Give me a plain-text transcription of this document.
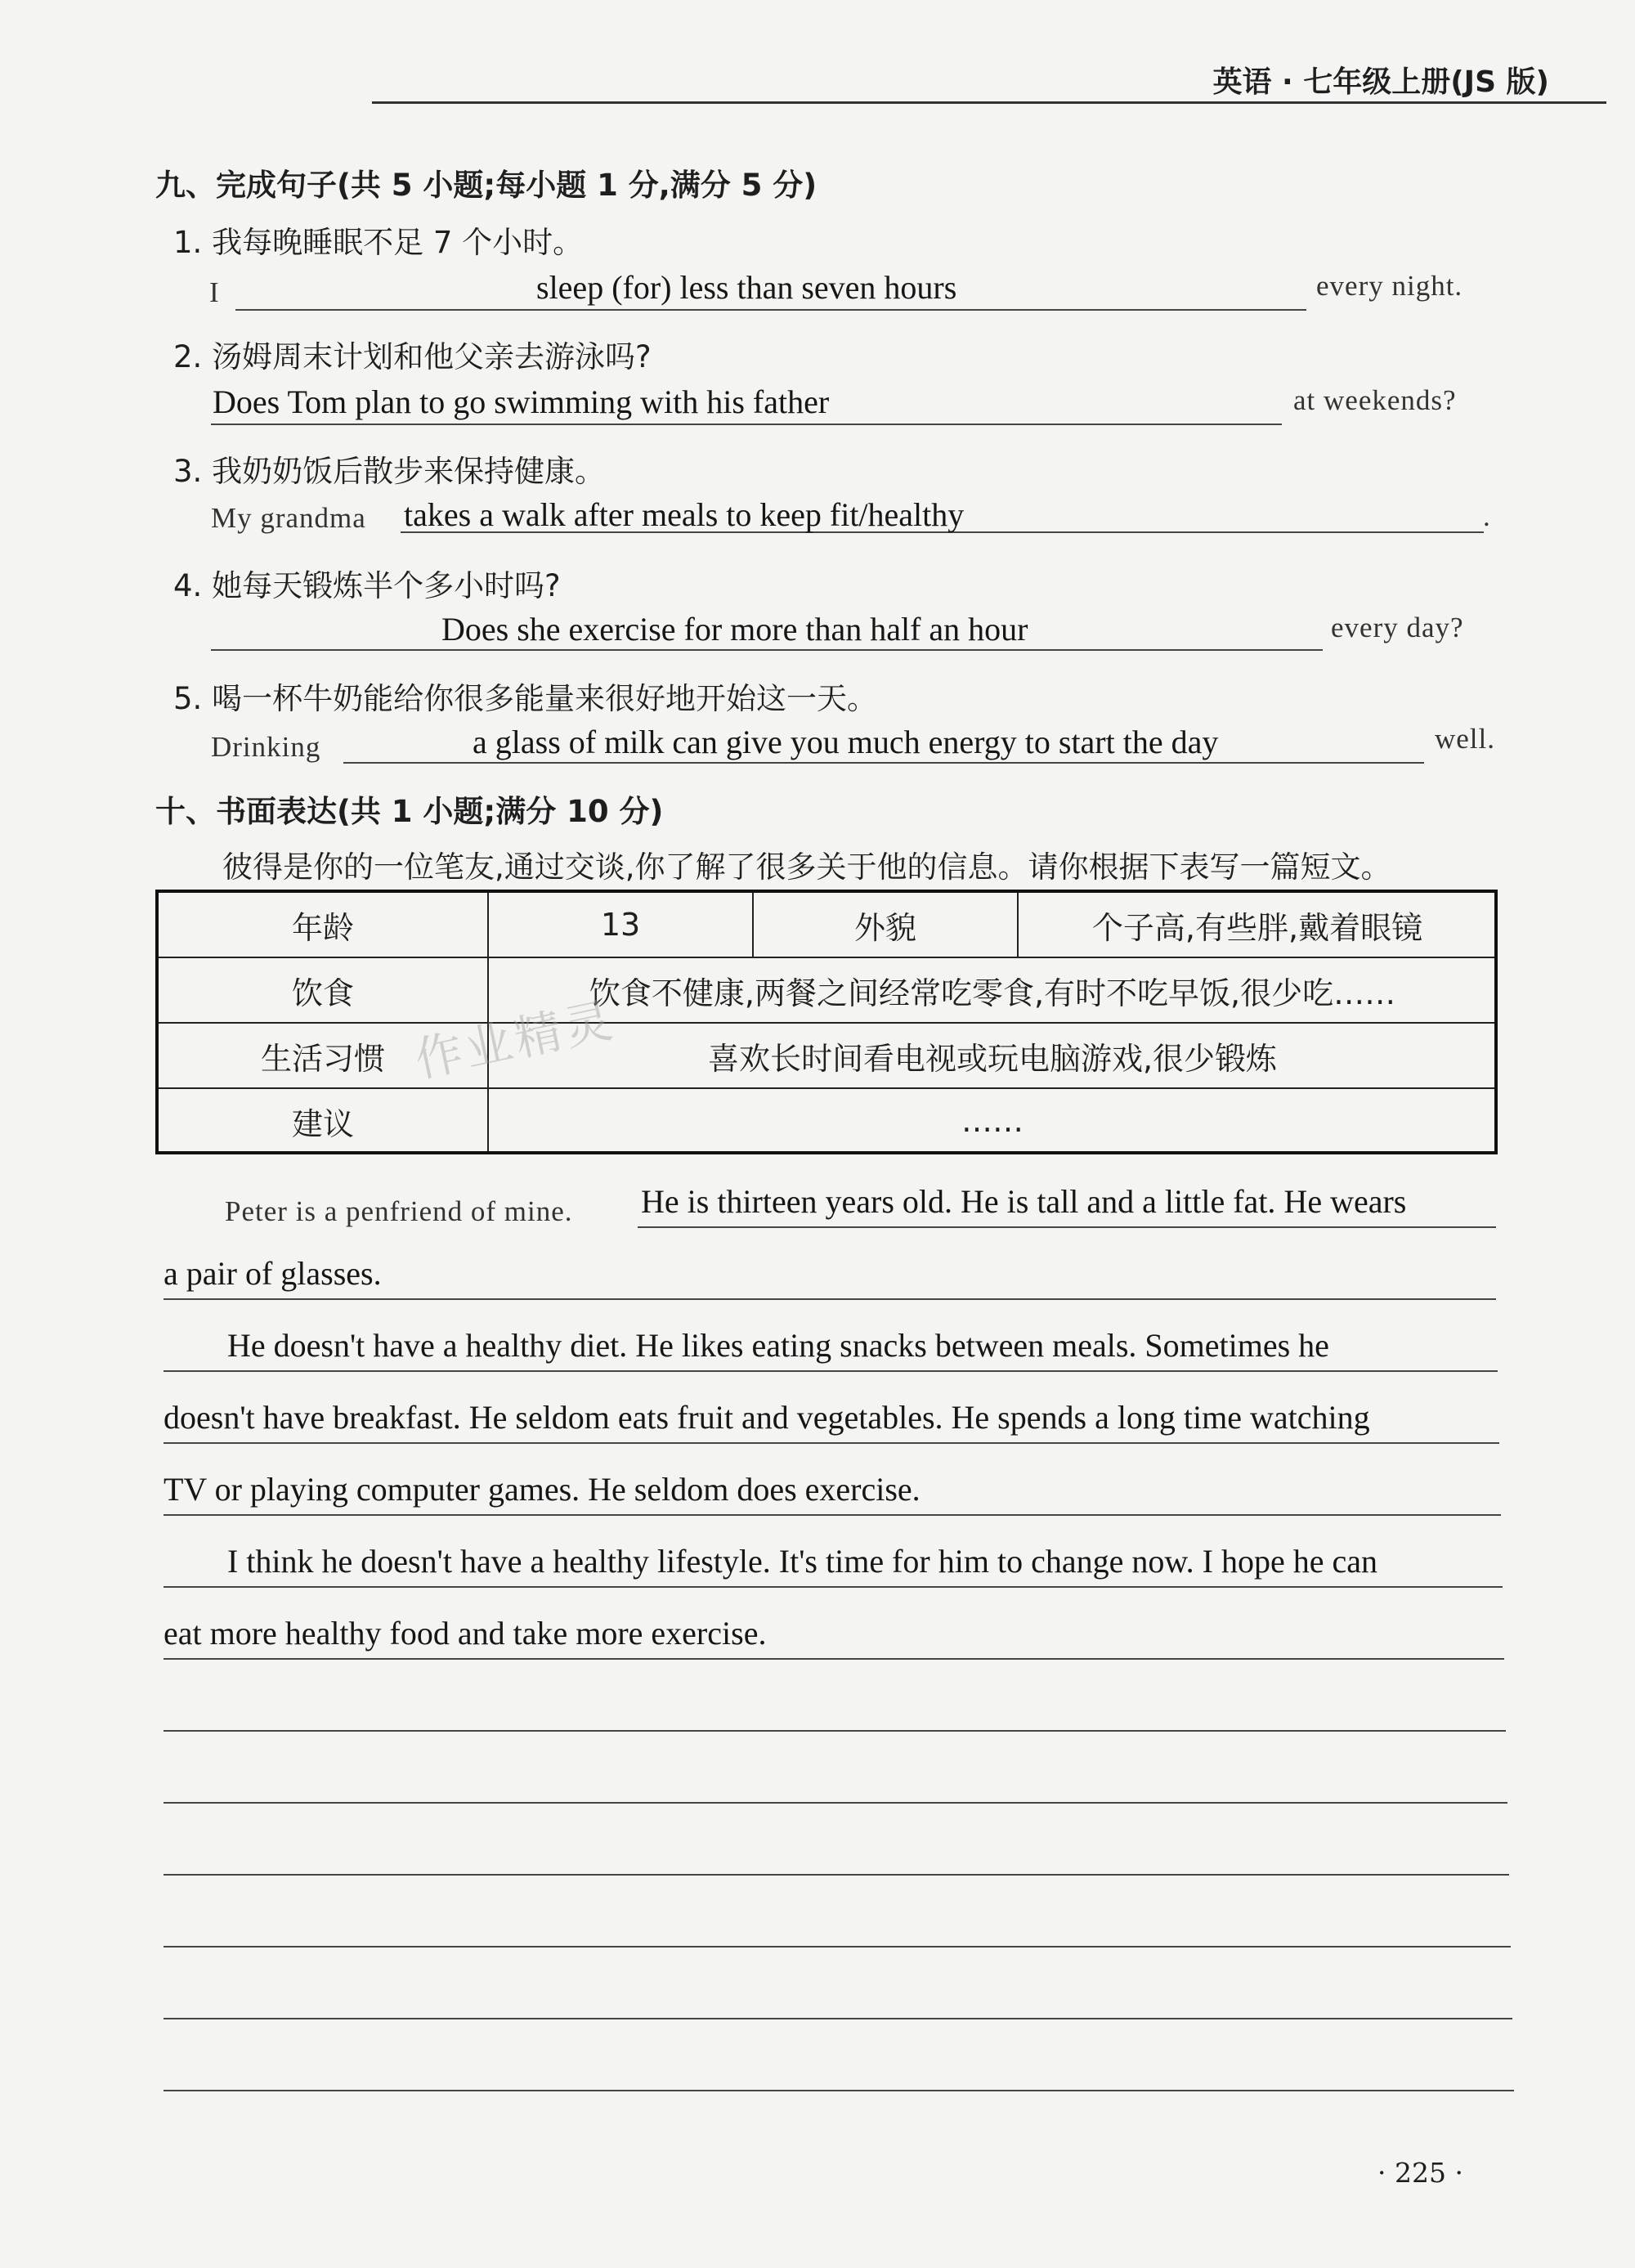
英语 · 七年级上册(JS 版)
九、完成句子(共 5 小题;每小题 1 分,满分 5 分)
1. 我每晚睡眠不足 7 个小时。
I	sleep (for) less than seven hours	every night.
2. 汤姆周末计划和他父亲去游泳吗?
Does Tom plan to go swimming with his father	at weekends?
3. 我奶奶饭后散步来保持健康。
My grandma takes a walk after meals to keep fit/healthy	.
4. 她每天锻炼半个多小时吗?
Does she exercise for more than half an hour	every day?
5. 喝一杯牛奶能给你很多能量来很好地开始这一天。
Drinking	a glass of milk can give you much energy to start the day	well.
十、书面表达(共 1 小题;满分 10 分)
彼得是你的一位笔友,通过交谈,你了解了很多关于他的信息。请你根据下表写一篇短文。
年龄	13	外貌	个子高,有些胖,戴着眼镜
饮食	饮食不健康,两餐之间经常吃零食,有时不吃早饭,很少吃……		
生活习惯	喜欢长时间看电视或玩电脑游戏,很少锻炼		
建议	……		
作业精灵
Peter is a penfriend of mine. He is thirteen years old. He is tall and a little fat. He wears
a pair of glasses.
He doesn't have a healthy diet. He likes eating snacks between meals. Sometimes he
doesn't have breakfast. He seldom eats fruit and vegetables. He spends a long time watching
TV or playing computer games. He seldom does exercise.
I think he doesn't have a healthy lifestyle. It's time for him to change now. I hope he can
eat more healthy food and take more exercise.
· 225 ·
